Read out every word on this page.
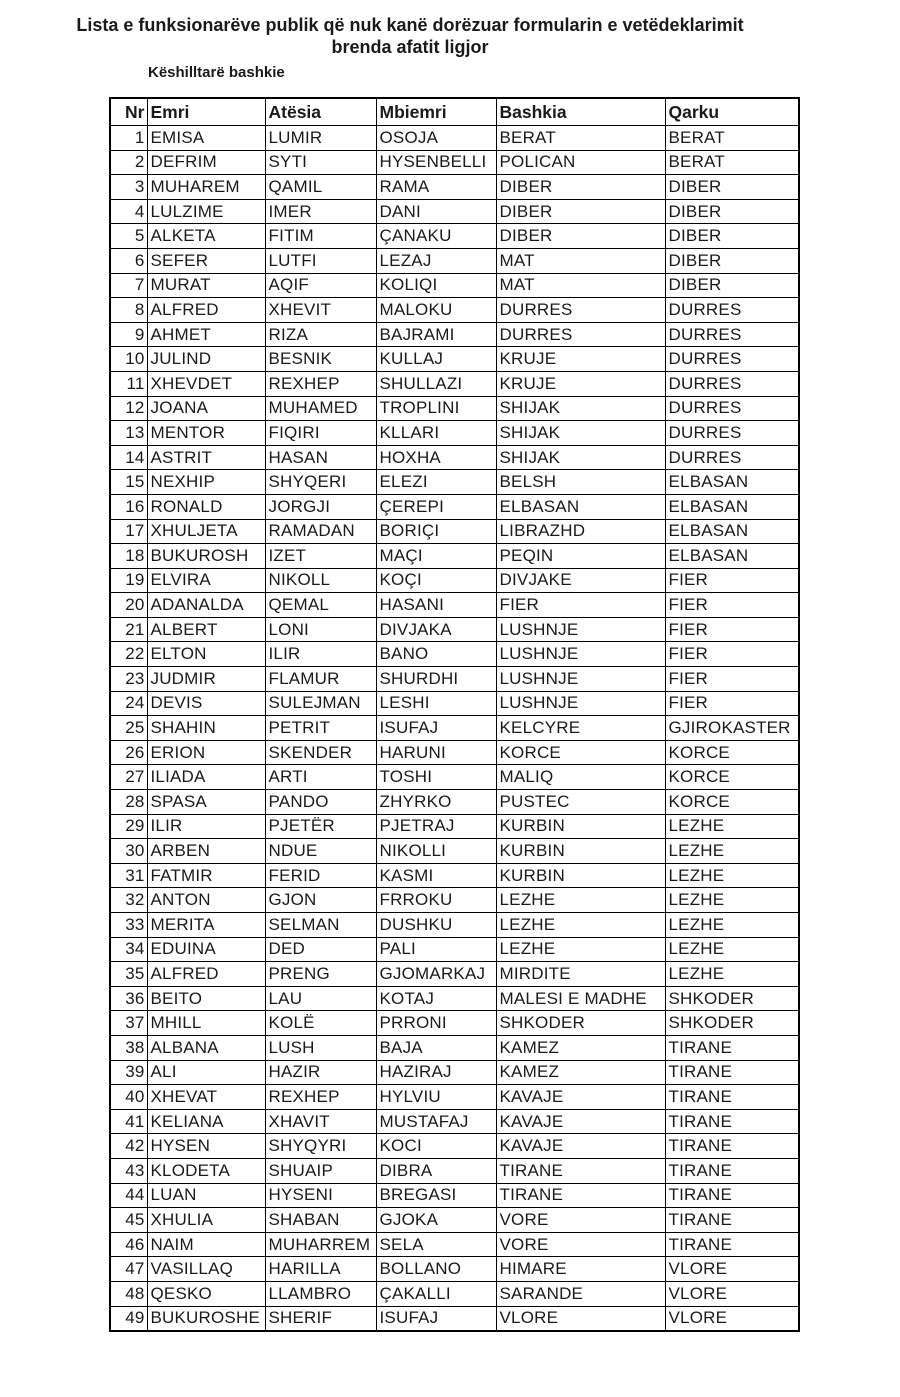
Lista e funksionarëve publik që nuk kanë dorëzuar formularin e vetëdeklarimit
brenda afatit ligjor
Këshilltarë bashkie
Nr	Emri	Atësia	Mbiemri	Bashkia	Qarku
1	EMISA	LUMIR	OSOJA	BERAT	BERAT
2	DEFRIM	SYTI	HYSENBELLI	POLICAN	BERAT
3	MUHAREM	QAMIL	RAMA	DIBER	DIBER
4	LULZIME	IMER	DANI	DIBER	DIBER
5	ALKETA	FITIM	ÇANAKU	DIBER	DIBER
6	SEFER	LUTFI	LEZAJ	MAT	DIBER
7	MURAT	AQIF	KOLIQI	MAT	DIBER
8	ALFRED	XHEVIT	MALOKU	DURRES	DURRES
9	AHMET	RIZA	BAJRAMI	DURRES	DURRES
10	JULIND	BESNIK	KULLAJ	KRUJE	DURRES
11	XHEVDET	REXHEP	SHULLAZI	KRUJE	DURRES
12	JOANA	MUHAMED	TROPLINI	SHIJAK	DURRES
13	MENTOR	FIQIRI	KLLARI	SHIJAK	DURRES
14	ASTRIT	HASAN	HOXHA	SHIJAK	DURRES
15	NEXHIP	SHYQERI	ELEZI	BELSH	ELBASAN
16	RONALD	JORGJI	ÇEREPI	ELBASAN	ELBASAN
17	XHULJETA	RAMADAN	BORIÇI	LIBRAZHD	ELBASAN
18	BUKUROSH	IZET	MAÇI	PEQIN	ELBASAN
19	ELVIRA	NIKOLL	KOÇI	DIVJAKE	FIER
20	ADANALDA	QEMAL	HASANI	FIER	FIER
21	ALBERT	LONI	DIVJAKA	LUSHNJE	FIER
22	ELTON	ILIR	BANO	LUSHNJE	FIER
23	JUDMIR	FLAMUR	SHURDHI	LUSHNJE	FIER
24	DEVIS	SULEJMAN	LESHI	LUSHNJE	FIER
25	SHAHIN	PETRIT	ISUFAJ	KELCYRE	GJIROKASTER
26	ERION	SKENDER	HARUNI	KORCE	KORCE
27	ILIADA	ARTI	TOSHI	MALIQ	KORCE
28	SPASA	PANDO	ZHYRKO	PUSTEC	KORCE
29	ILIR	PJETËR	PJETRAJ	KURBIN	LEZHE
30	ARBEN	NDUE	NIKOLLI	KURBIN	LEZHE
31	FATMIR	FERID	KASMI	KURBIN	LEZHE
32	ANTON	GJON	FRROKU	LEZHE	LEZHE
33	MERITA	SELMAN	DUSHKU	LEZHE	LEZHE
34	EDUINA	DED	PALI	LEZHE	LEZHE
35	ALFRED	PRENG	GJOMARKAJ	MIRDITE	LEZHE
36	BEITO	LAU	KOTAJ	MALESI E MADHE	SHKODER
37	MHILL	KOLË	PRRONI	SHKODER	SHKODER
38	ALBANA	LUSH	BAJA	KAMEZ	TIRANE
39	ALI	HAZIR	HAZIRAJ	KAMEZ	TIRANE
40	XHEVAT	REXHEP	HYLVIU	KAVAJE	TIRANE
41	KELIANA	XHAVIT	MUSTAFAJ	KAVAJE	TIRANE
42	HYSEN	SHYQYRI	KOCI	KAVAJE	TIRANE
43	KLODETA	SHUAIP	DIBRA	TIRANE	TIRANE
44	LUAN	HYSENI	BREGASI	TIRANE	TIRANE
45	XHULIA	SHABAN	GJOKA	VORE	TIRANE
46	NAIM	MUHARREM	SELA	VORE	TIRANE
47	VASILLAQ	HARILLA	BOLLANO	HIMARE	VLORE
48	QESKO	LLAMBRO	ÇAKALLI	SARANDE	VLORE
49	BUKUROSHE	SHERIF	ISUFAJ	VLORE	VLORE
